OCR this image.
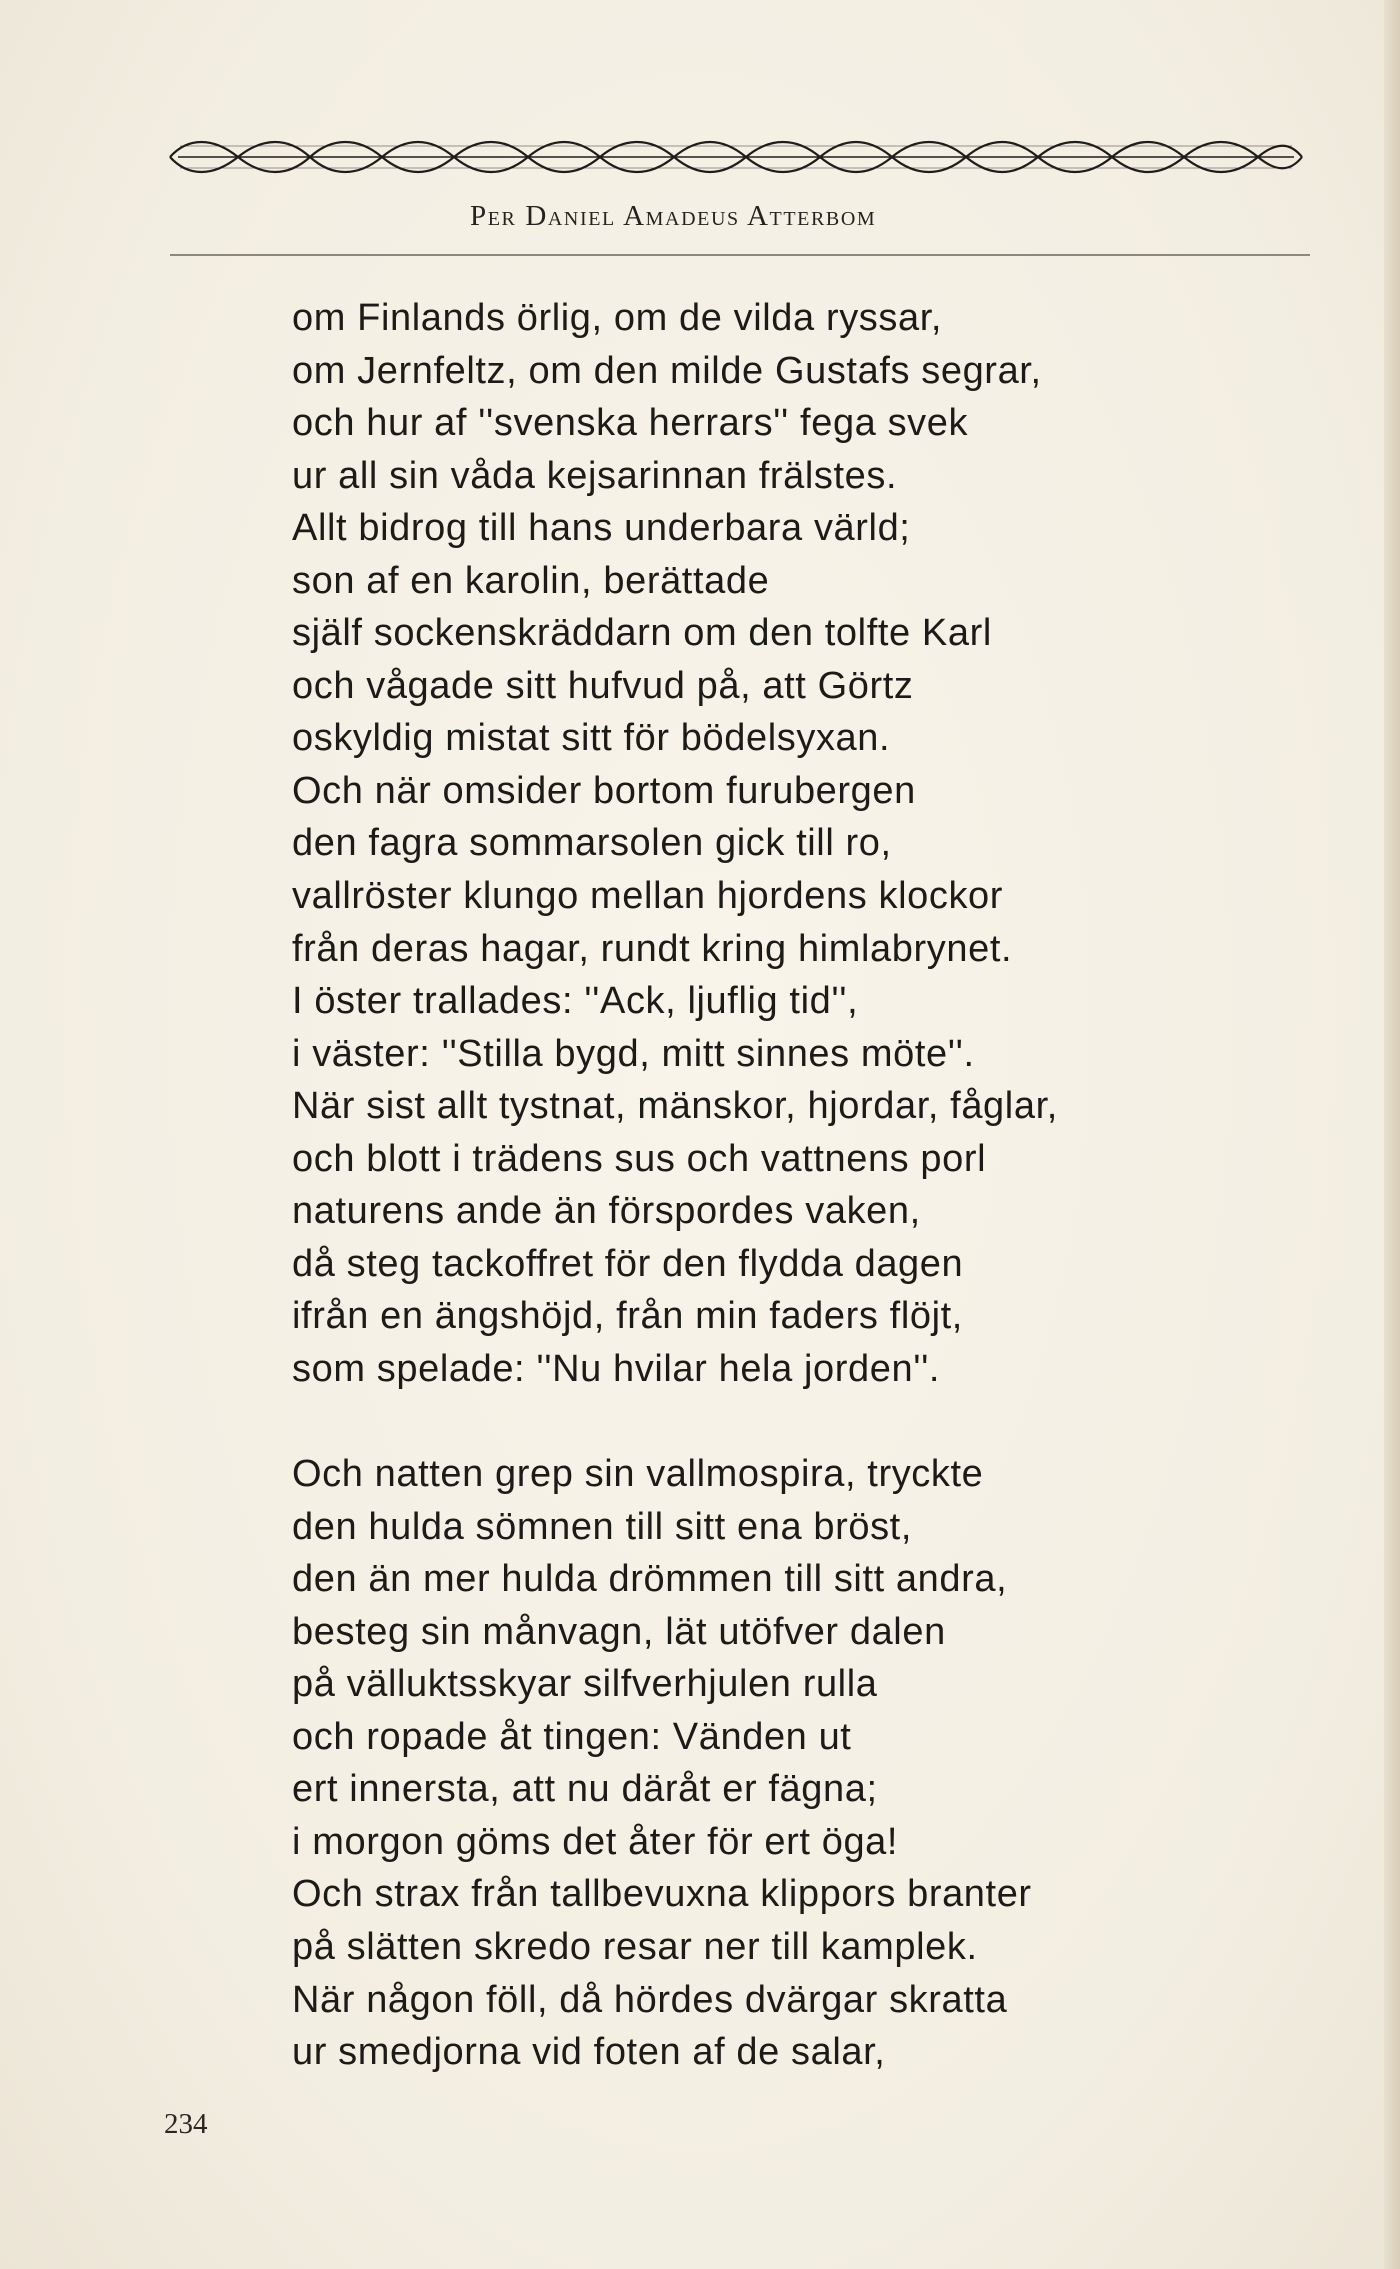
Per Daniel Amadeus Atterbom
om Finlands örlig, om de vilda ryssar,
om Jernfeltz, om den milde Gustafs segrar,
och hur af ''svenska herrars'' fega svek
ur all sin våda kejsarinnan frälstes.
Allt bidrog till hans underbara värld;
son af en karolin, berättade
själf sockenskräddarn om den tolfte Karl
och vågade sitt hufvud på, att Görtz
oskyldig mistat sitt för bödelsyxan.
Och när omsider bortom furubergen
den fagra sommarsolen gick till ro,
vallröster klungo mellan hjordens klockor
från deras hagar, rundt kring himlabrynet.
I öster trallades: ''Ack, ljuflig tid'',
i väster: ''Stilla bygd, mitt sinnes möte''.
När sist allt tystnat, mänskor, hjordar, fåglar,
och blott i trädens sus och vattnens porl
naturens ande än förspordes vaken,
då steg tackoffret för den flydda dagen
ifrån en ängshöjd, från min faders flöjt,
som spelade: ''Nu hvilar hela jorden''.
Och natten grep sin vallmospira, tryckte
den hulda sömnen till sitt ena bröst,
den än mer hulda drömmen till sitt andra,
besteg sin månvagn, lät utöfver dalen
på välluktsskyar silfverhjulen rulla
och ropade åt tingen: Vänden ut
ert innersta, att nu däråt er fägna;
i morgon göms det åter för ert öga!
Och strax från tallbevuxna klippors branter
på slätten skredo resar ner till kamplek.
När någon föll, då hördes dvärgar skratta
ur smedjorna vid foten af de salar,
234
